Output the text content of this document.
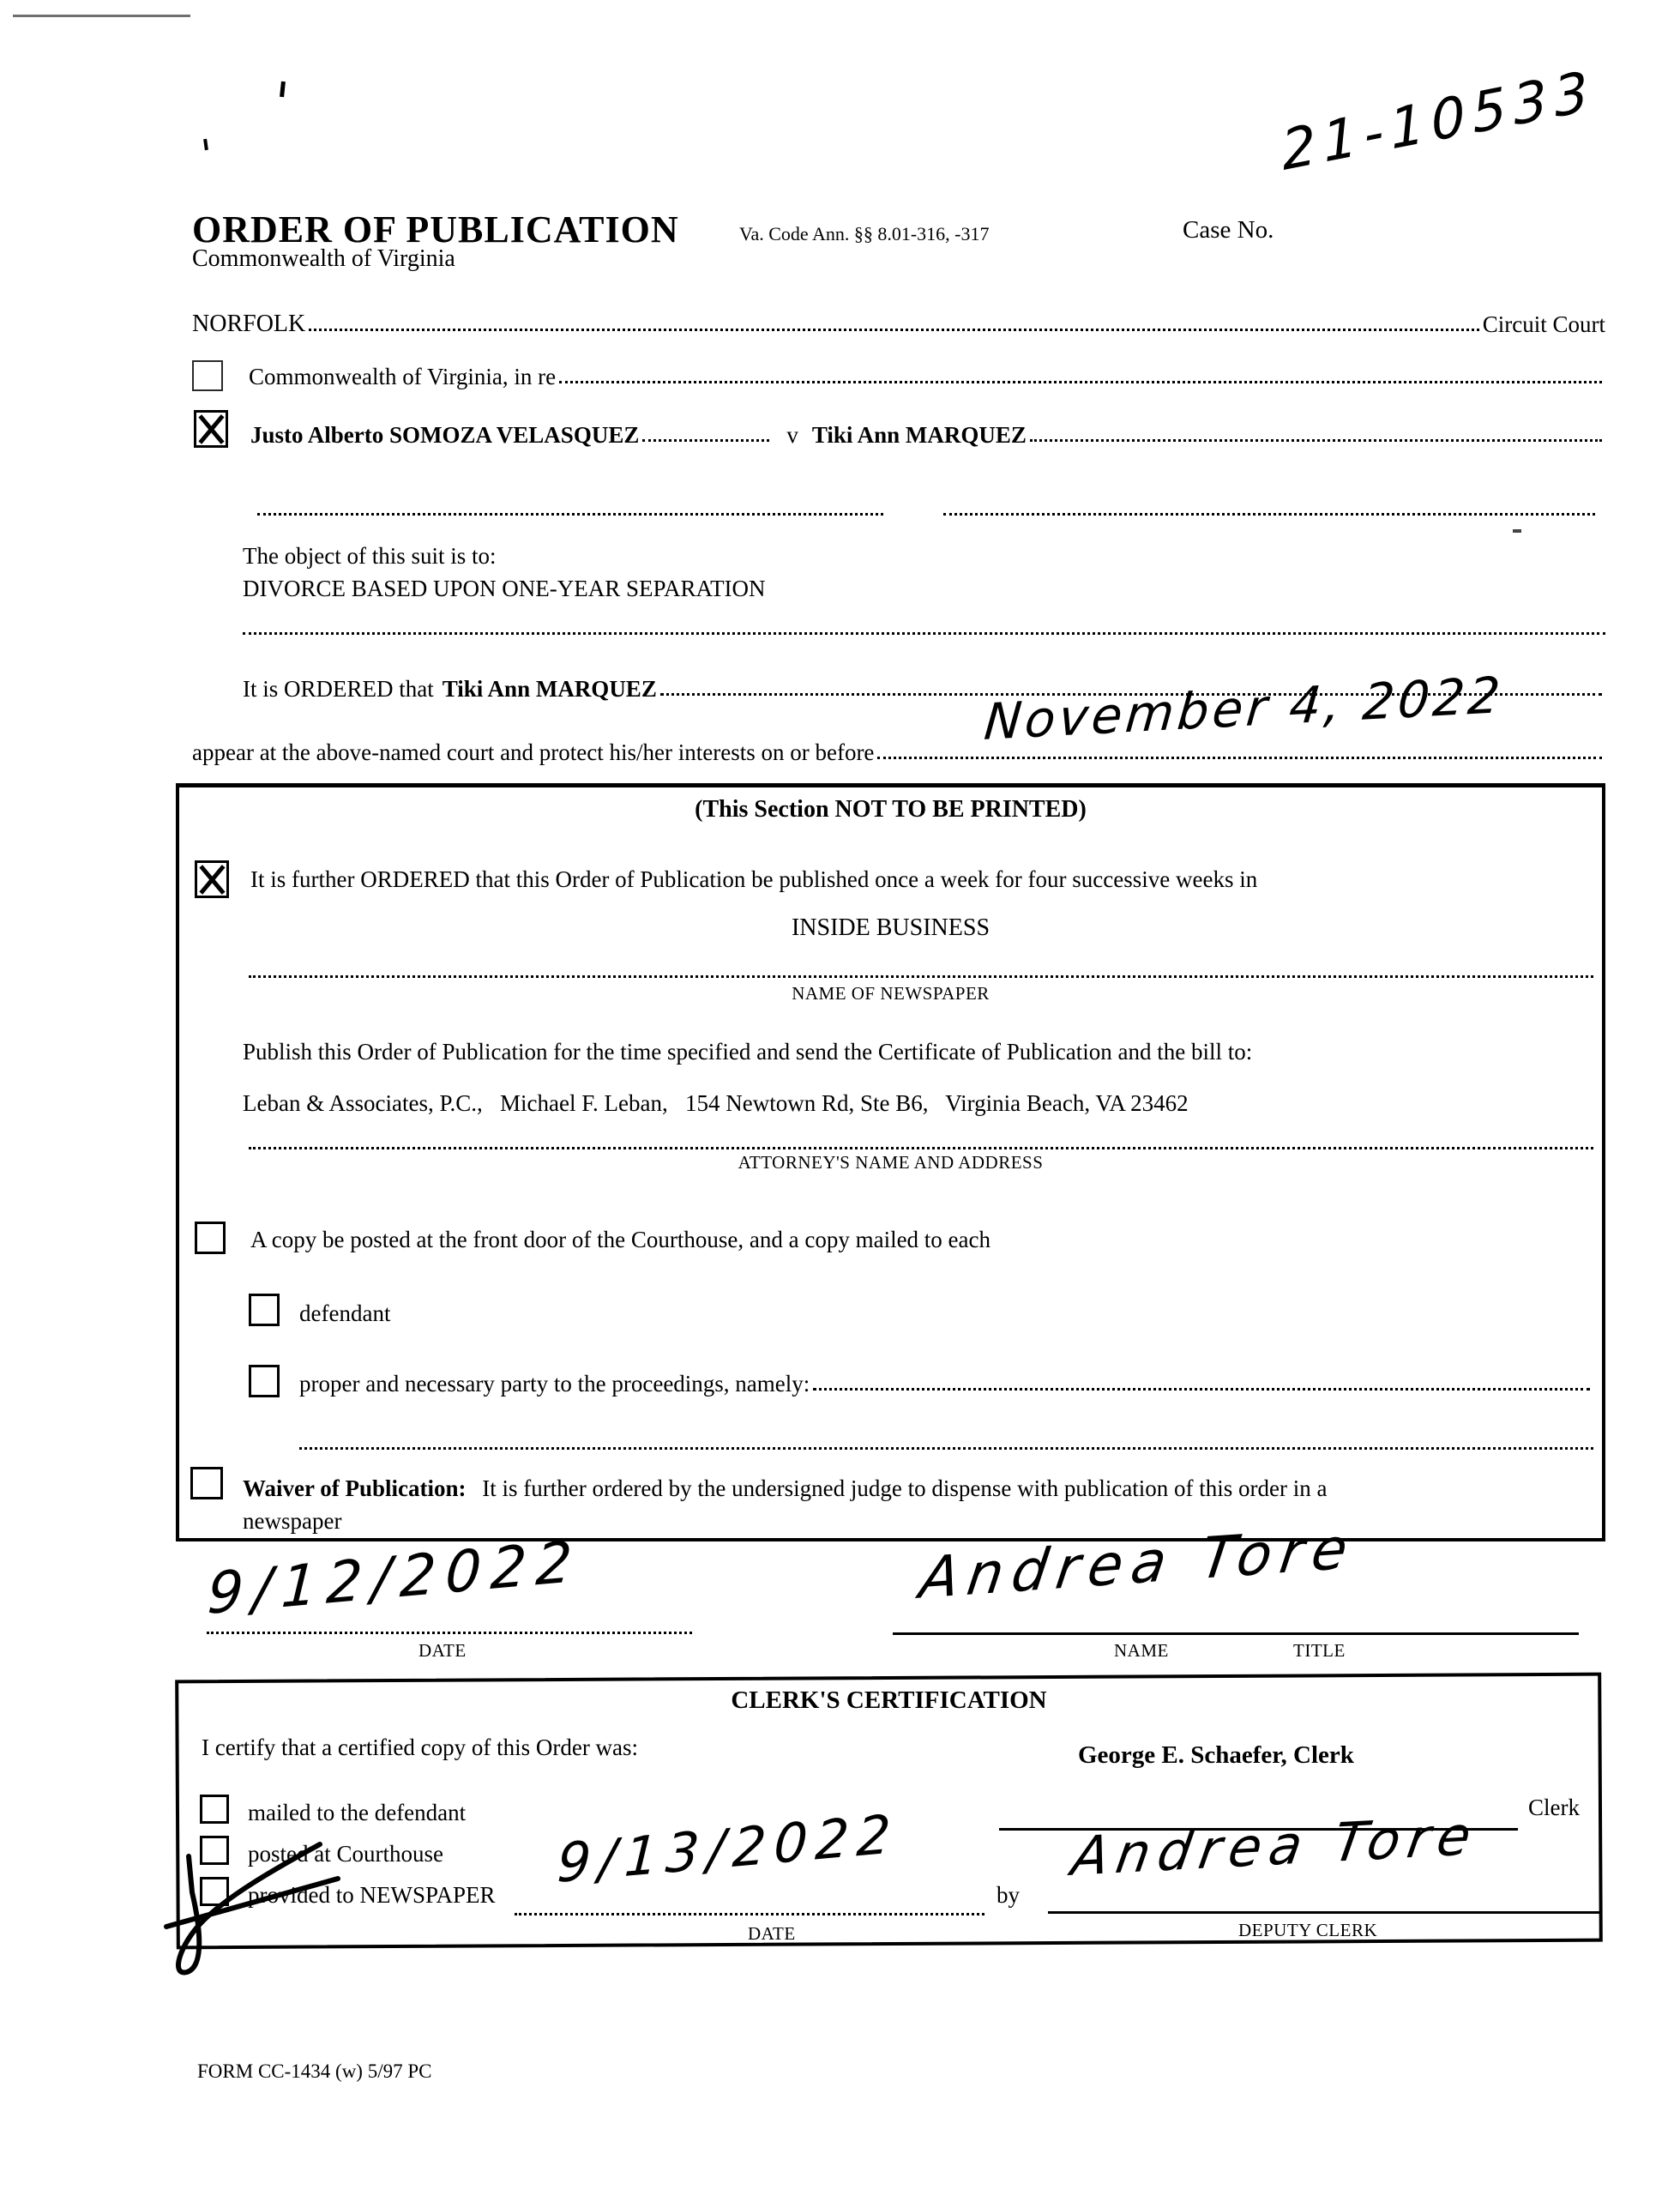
ORDER OF PUBLICATION	Va. Code Ann. §§ 8.01-316, -317	Case No.
21-10533
Commonwealth of Virginia
NORFOLK	Circuit Court
Commonwealth of Virginia, in re
Justo Alberto SOMOZA VELASQUEZ	v Tiki Ann MARQUEZ
The object of this suit is to:
DIVORCE BASED UPON ONE-YEAR SEPARATION
It is ORDERED that Tiki Ann MARQUEZ
appear at the above-named court and protect his/her interests on or before
November 4, 2022
(This Section NOT TO BE PRINTED)
It is further ORDERED that this Order of Publication be published once a week for four successive weeks in
INSIDE BUSINESS
NAME OF NEWSPAPER
Publish this Order of Publication for the time specified and send the Certificate of Publication and the bill to:
Leban & Associates, P.C.,   Michael F. Leban,   154 Newtown Rd, Ste B6,   Virginia Beach, VA 23462
ATTORNEY'S NAME AND ADDRESS
A copy be posted at the front door of the Courthouse, and a copy mailed to each
defendant
proper and necessary party to the proceedings, namely:
Waiver of Publication: It is further ordered by the undersigned judge to dispense with publication of this order in a
newspaper
9/12/2022
DATE
Andrea Tore
NAME	TITLE
CLERK'S CERTIFICATION
I certify that a certified copy of this Order was:	George E. Schaefer, Clerk
Clerk
mailed to the defendant
posted at Courthouse
provided to NEWSPAPER 9/13/2022
DATE
by
Andrea Tore
DEPUTY CLERK
FORM CC-1434 (w) 5/97 PC
